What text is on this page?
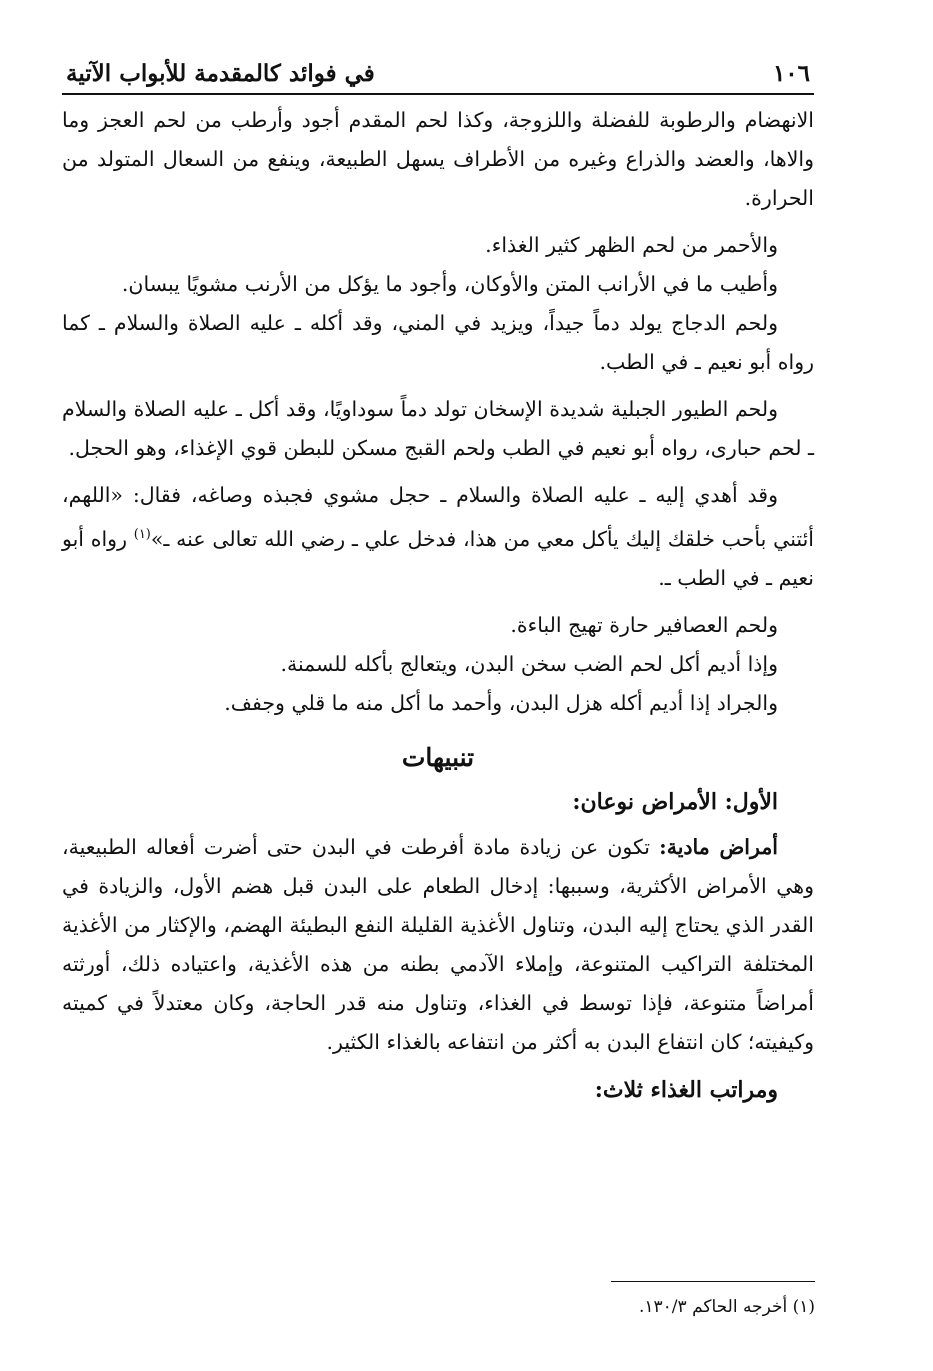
١٠٦
في فوائد كالمقدمة للأبواب الآتية

الانهضام والرطوبة للفضلة واللزوجة، وكذا لحم المقدم أجود وأرطب من لحم العجز وما والاها، والعضد والذراع وغيره من الأطراف يسهل الطبيعة، وينفع من السعال المتولد من الحرارة.

والأحمر من لحم الظهر كثير الغذاء.

وأطيب ما في الأرانب المتن والأوكان، وأجود ما يؤكل من الأرنب مشويًا يبسان.

ولحم الدجاج يولد دماً جيداً، ويزيد في المني، وقد أكله ـ عليه الصلاة والسلام ـ كما رواه أبو نعيم ـ في الطب.

ولحم الطيور الجبلية شديدة الإسخان تولد دماً سوداويًا، وقد أكل ـ عليه الصلاة والسلام ـ لحم حبارى، رواه أبو نعيم في الطب ولحم القبج مسكن للبطن قوي الإغذاء، وهو الحجل.

وقد أهدي إليه ـ عليه الصلاة والسلام ـ حجل مشوي فجبذه وصاغه، فقال: «اللهم، أئتني بأحب خلقك إليك يأكل معي من هذا، فدخل علي ـ رضي الله تعالى عنه ـ»$^{(١)}$ رواه أبو نعيم ـ في الطب ـ.

ولحم العصافير حارة تهيج الباءة.

وإذا أديم أكل لحم الضب سخن البدن، ويتعالج بأكله للسمنة.

والجراد إذا أديم أكله هزل البدن، وأحمد ما أكل منه ما قلي وجفف.

تنبيهات
الأول: الأمراض نوعان:

أمراض مادية: تكون عن زيادة مادة أفرطت في البدن حتى أضرت أفعاله الطبيعية، وهي الأمراض الأكثرية، وسببها: إدخال الطعام على البدن قبل هضم الأول، والزيادة في القدر الذي يحتاج إليه البدن، وتناول الأغذية القليلة النفع البطيئة الهضم، والإكثار من الأغذية المختلفة التراكيب المتنوعة، وإملاء الآدمي بطنه من هذه الأغذية، واعتياده ذلك، أورثته أمراضاً متنوعة، فإذا توسط في الغذاء، وتناول منه قدر الحاجة، وكان معتدلاً في كميته وكيفيته؛ كان انتفاع البدن به أكثر من انتفاعه بالغذاء الكثير.

ومراتب الغذاء ثلاث:
(١) أخرجه الحاكم ١٣٠/٣.
